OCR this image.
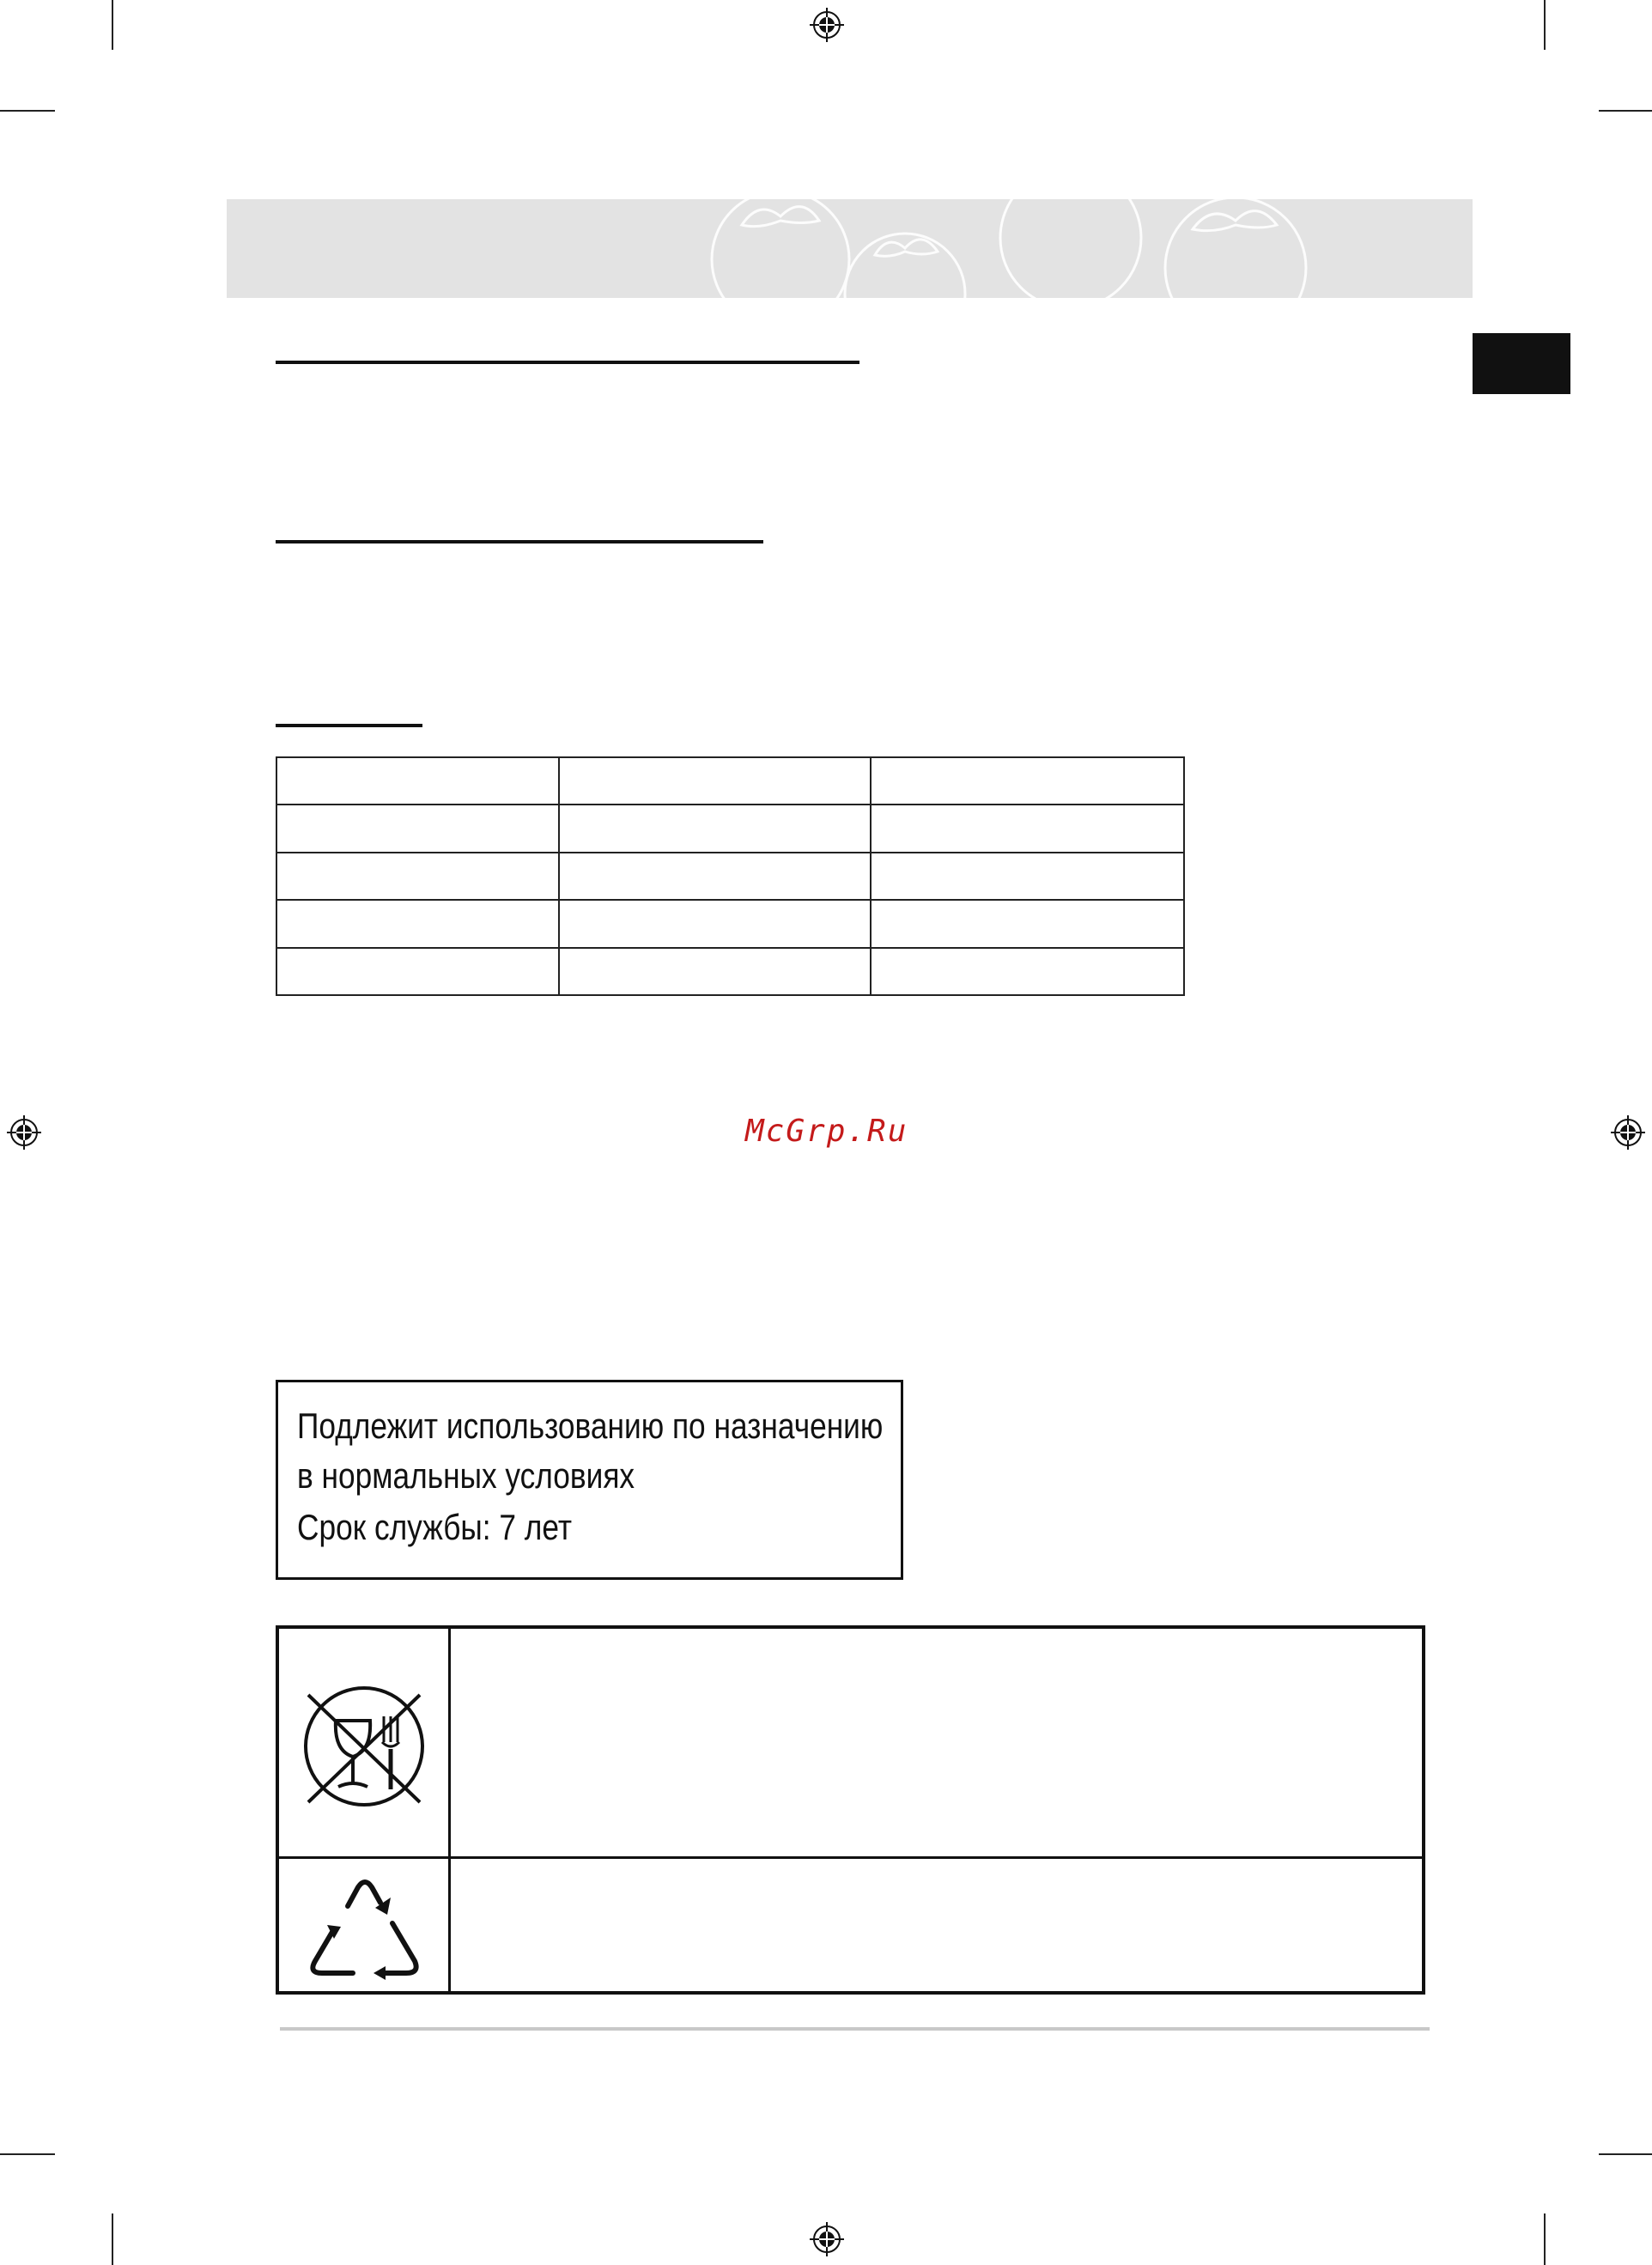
McGrp.Ru
Подлежит использованию по назначению
в нормальных условиях
Срок службы: 7 лет
